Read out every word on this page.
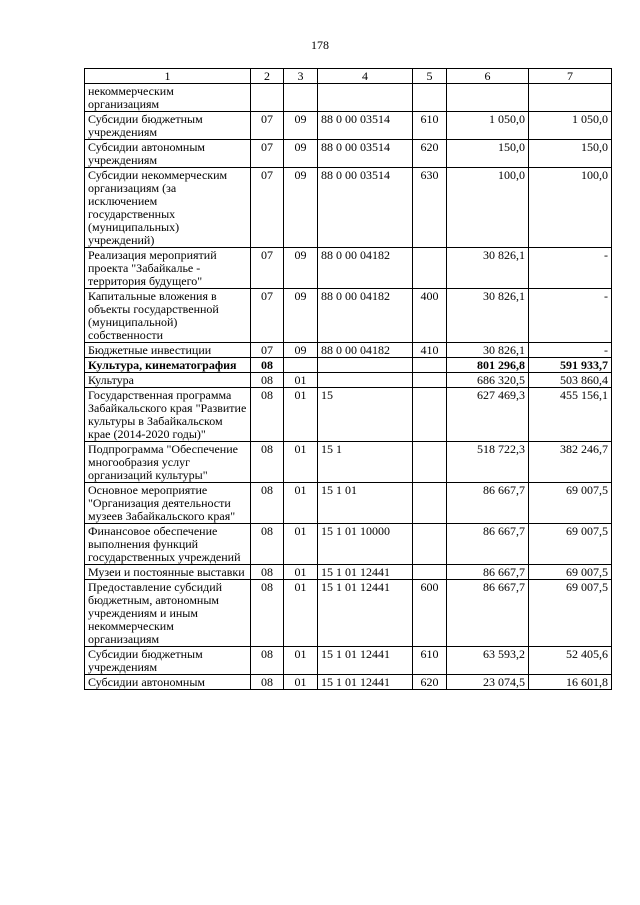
178
1	2	3	4	5	6	7
некоммерческим организациям						
Субсидии бюджетным учреждениям	07	09	88 0 00 03514	610	1 050,0	1 050,0
Субсидии автономным учреждениям	07	09	88 0 00 03514	620	150,0	150,0
Субсидии некоммерческим организациям (за исключением государственных (муниципальных) учреждений)	07	09	88 0 00 03514	630	100,0	100,0
Реализация мероприятий проекта "Забайкалье - территория будущего"	07	09	88 0 00 04182		30 826,1	-
Капитальные вложения в объекты государственной (муниципальной) собственности	07	09	88 0 00 04182	400	30 826,1	-
Бюджетные инвестиции	07	09	88 0 00 04182	410	30 826,1	-
Культура, кинематография	08				801 296,8	591 933,7
Культура	08	01			686 320,5	503 860,4
Государственная программа Забайкальского края "Развитие культуры в Забайкальском крае (2014-2020 годы)"	08	01	15		627 469,3	455 156,1
Подпрограмма "Обеспечение многообразия услуг организаций культуры"	08	01	15 1		518 722,3	382 246,7
Основное мероприятие "Организация деятельности музеев Забайкальского края"	08	01	15 1 01		86 667,7	69 007,5
Финансовое обеспечение выполнения функций государственных учреждений	08	01	15 1 01 10000		86 667,7	69 007,5
Музеи и постоянные выставки	08	01	15 1 01 12441		86 667,7	69 007,5
Предоставление субсидий бюджетным, автономным учреждениям и иным некоммерческим организациям	08	01	15 1 01 12441	600	86 667,7	69 007,5
Субсидии бюджетным учреждениям	08	01	15 1 01 12441	610	63 593,2	52 405,6
Субсидии автономным	08	01	15 1 01 12441	620	23 074,5	16 601,8
